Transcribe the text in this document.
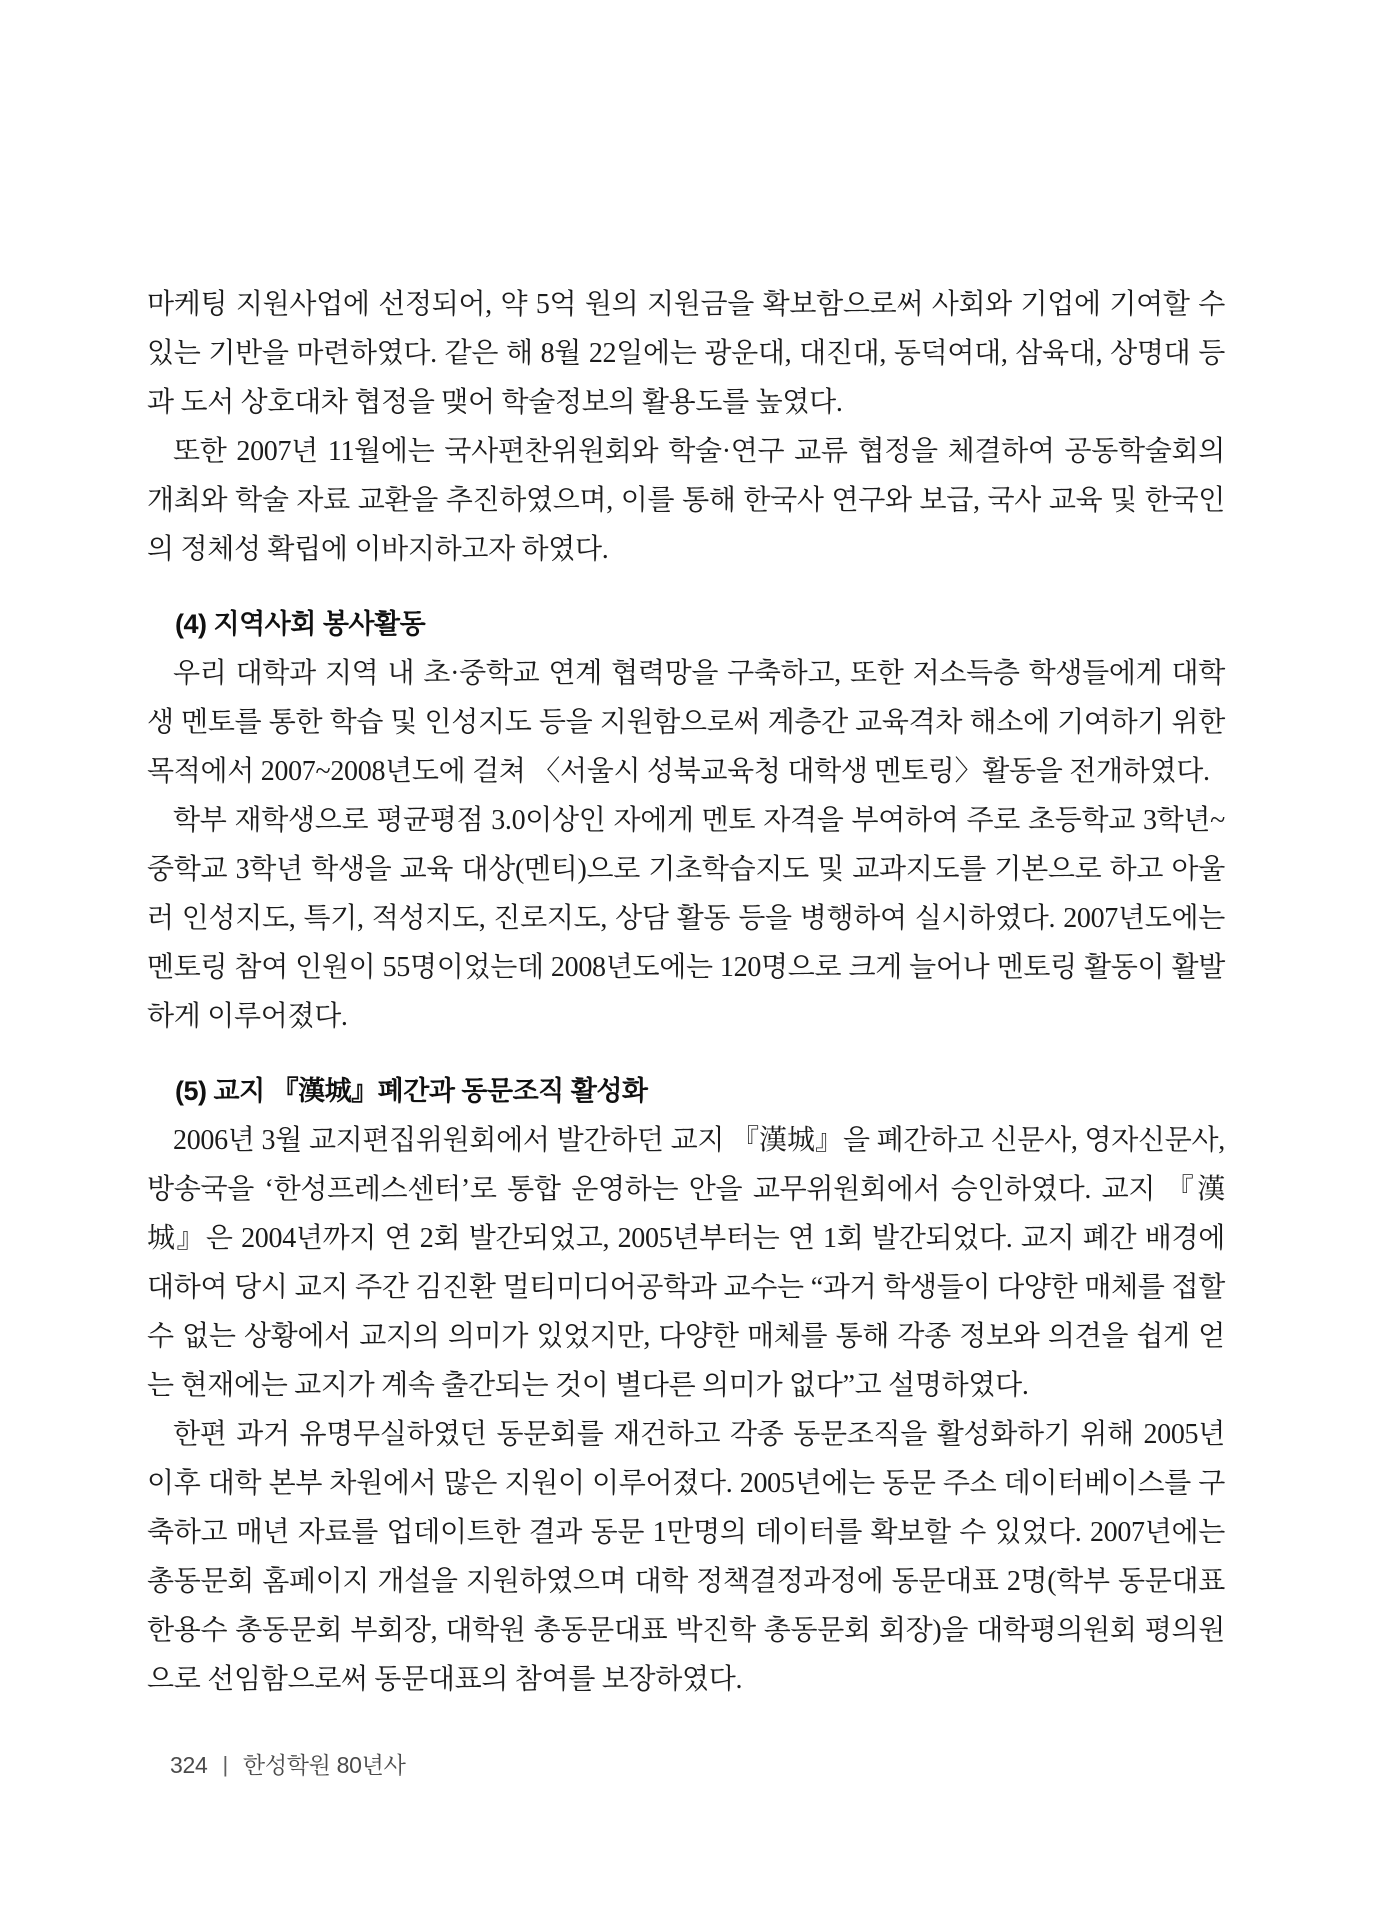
마케팅 지원사업에 선정되어, 약 5억 원의 지원금을 확보함으로써 사회와 기업에 기여할 수 있는 기반을 마련하였다. 같은 해 8월 22일에는 광운대, 대진대, 동덕여대, 삼육대, 상명대 등과 도서 상호대차 협정을 맺어 학술정보의 활용도를 높였다.

또한 2007년 11월에는 국사편찬위원회와 학술·연구 교류 협정을 체결하여 공동학술회의 개최와 학술 자료 교환을 추진하였으며, 이를 통해 한국사 연구와 보급, 국사 교육 및 한국인의 정체성 확립에 이바지하고자 하였다.

(4) 지역사회 봉사활동

우리 대학과 지역 내 초·중학교 연계 협력망을 구축하고, 또한 저소득층 학생들에게 대학생 멘토를 통한 학습 및 인성지도 등을 지원함으로써 계층간 교육격차 해소에 기여하기 위한 목적에서 2007~2008년도에 걸쳐 〈서울시 성북교육청 대학생 멘토링〉활동을 전개하였다.

학부 재학생으로 평균평점 3.0이상인 자에게 멘토 자격을 부여하여 주로 초등학교 3학년~중학교 3학년 학생을 교육 대상(멘티)으로 기초학습지도 및 교과지도를 기본으로 하고 아울러 인성지도, 특기, 적성지도, 진로지도, 상담 활동 등을 병행하여 실시하였다. 2007년도에는 멘토링 참여 인원이 55명이었는데 2008년도에는 120명으로 크게 늘어나 멘토링 활동이 활발하게 이루어졌다.

(5) 교지 『漢城』폐간과 동문조직 활성화

2006년 3월 교지편집위원회에서 발간하던 교지 『漢城』을 폐간하고 신문사, 영자신문사, 방송국을 ‘한성프레스센터’로 통합 운영하는 안을 교무위원회에서 승인하였다. 교지 『漢城』은 2004년까지 연 2회 발간되었고, 2005년부터는 연 1회 발간되었다. 교지 폐간 배경에 대하여 당시 교지 주간 김진환 멀티미디어공학과 교수는 “과거 학생들이 다양한 매체를 접할 수 없는 상황에서 교지의 의미가 있었지만, 다양한 매체를 통해 각종 정보와 의견을 쉽게 얻는 현재에는 교지가 계속 출간되는 것이 별다른 의미가 없다”고 설명하였다.

한편 과거 유명무실하였던 동문회를 재건하고 각종 동문조직을 활성화하기 위해 2005년 이후 대학 본부 차원에서 많은 지원이 이루어졌다. 2005년에는 동문 주소 데이터베이스를 구축하고 매년 자료를 업데이트한 결과 동문 1만명의 데이터를 확보할 수 있었다. 2007년에는 총동문회 홈페이지 개설을 지원하였으며 대학 정책결정과정에 동문대표 2명(학부 동문대표 한용수 총동문회 부회장, 대학원 총동문대표 박진학 총동문회 회장)을 대학평의원회 평의원으로 선임함으로써 동문대표의 참여를 보장하였다.

324 | 한성학원 80년사
